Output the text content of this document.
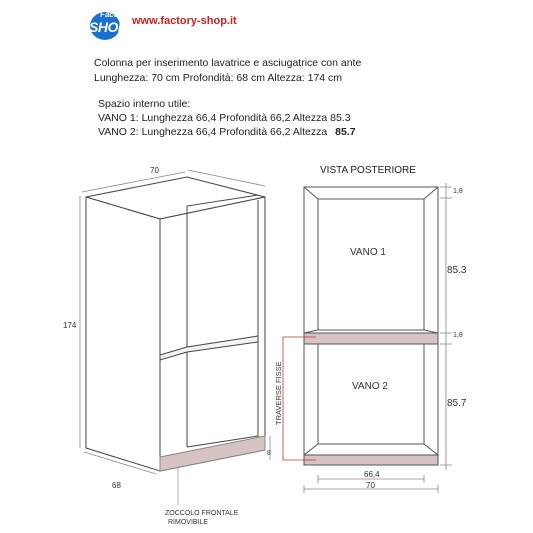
Factory
SHOP www.factory-shop.it
Colonna per inserimento lavatrice e asciugatrice con ante
Lunghezza: 70 cm Profondità: 68 cm Altezza: 174 cm
Spazio interno utile:
VANO 1: Lunghezza 66,4 Profondità 66,2 Altezza 85.3
VANO 2: Lunghezza 66,4 Profondità 66,2 Altezza 85.7
70
174
68
8
ZOCCOLO FRONTALE
RIMOVIBILE
VISTA POSTERIORE
VANO 1
VANO 2
1,8
85.3
1,8
85.7
TRAVERSE FISSE
66,4
70
